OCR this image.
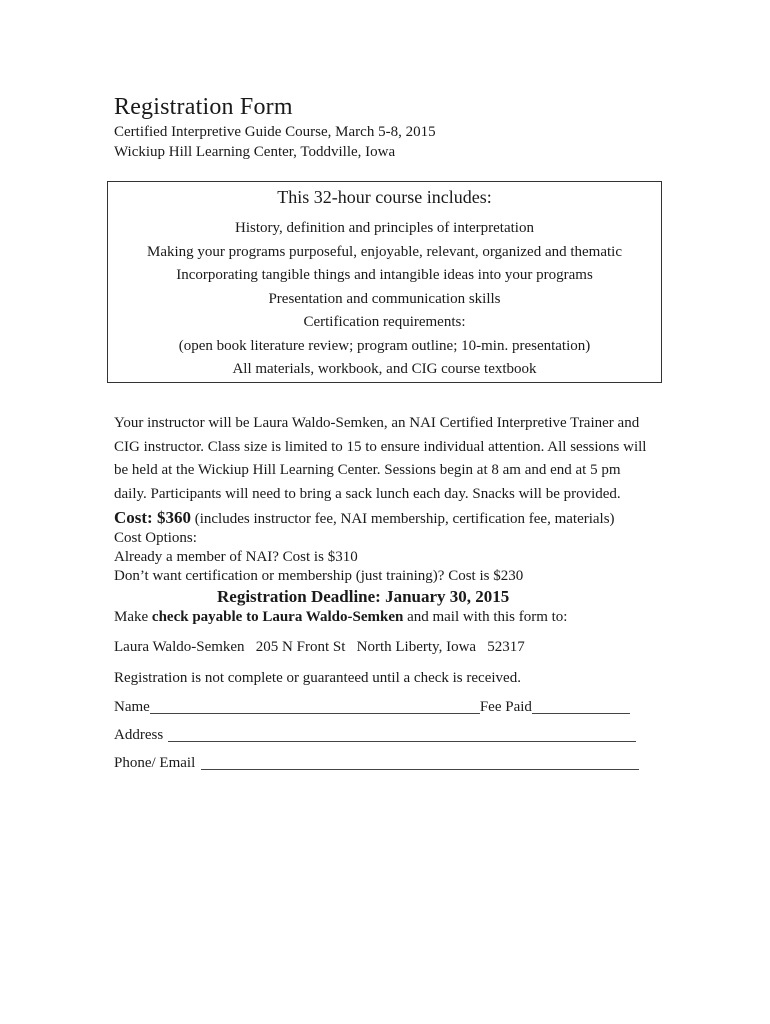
Registration Form

Certified Interpretive Guide Course, March 5-8, 2015

Wickiup Hill Learning Center, Toddville, Iowa

This 32-hour course includes:
History, definition and principles of interpretation
Making your programs purposeful, enjoyable, relevant, organized and thematic
Incorporating tangible things and intangible ideas into your programs
Presentation and communication skills
Certification requirements:
(open book literature review; program outline; 10-min. presentation)
All materials, workbook, and CIG course textbook

Your instructor will be Laura Waldo-Semken, an NAI Certified Interpretive Trainer and CIG instructor. Class size is limited to 15 to ensure individual attention. All sessions will be held at the Wickiup Hill Learning Center. Sessions begin at 8 am and end at 5 pm daily. Participants will need to bring a sack lunch each day. Snacks will be provided.

Cost: $360 (includes instructor fee, NAI membership, certification fee, materials)

Cost Options:

Already a member of NAI? Cost is $310

Don’t want certification or membership (just training)? Cost is $230

Registration Deadline: January 30, 2015

Make check payable to Laura Waldo-Semken and mail with this form to:

Laura Waldo-Semken   205 N Front St   North Liberty, Iowa   52317

Registration is not complete or guaranteed until a check is received.

Name	Fee Paid
Address
Phone/ Email
